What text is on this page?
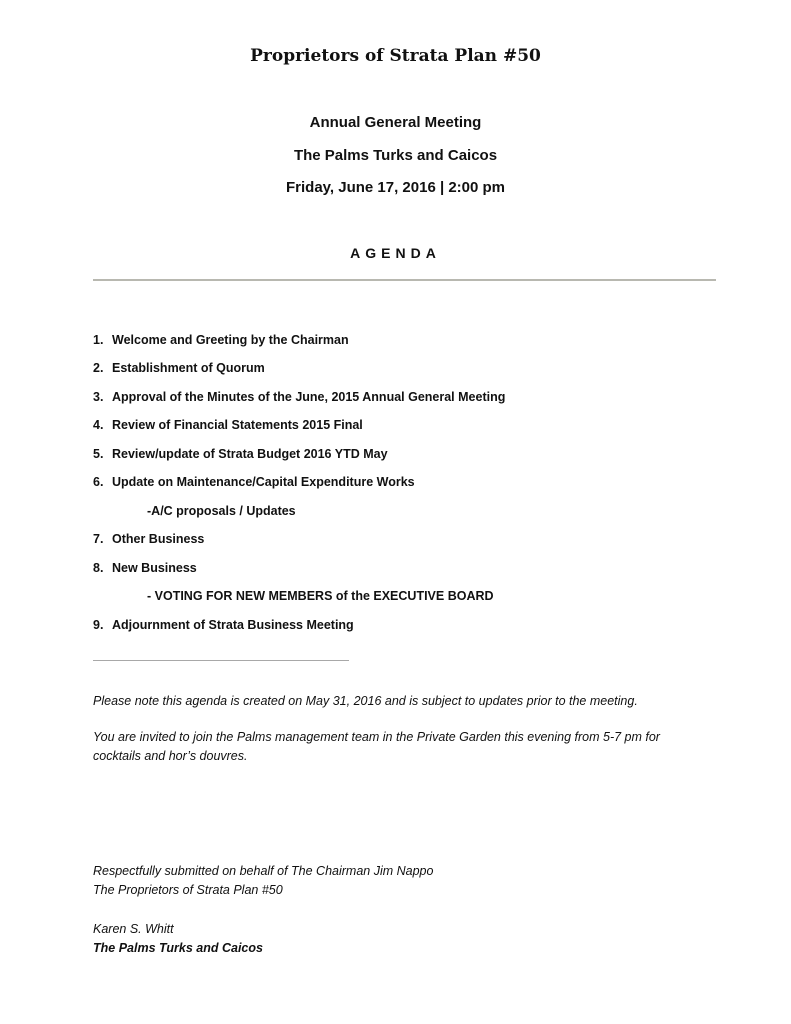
Proprietors of Strata Plan #50
Annual General Meeting
The Palms Turks and Caicos
Friday, June 17, 2016 | 2:00 pm
AGENDA
1. Welcome and Greeting by the Chairman
2. Establishment of Quorum
3. Approval of the Minutes of the June, 2015 Annual General Meeting
4. Review of Financial Statements 2015 Final
5. Review/update of Strata Budget 2016 YTD May
6. Update on Maintenance/Capital Expenditure Works
-A/C proposals / Updates
7. Other Business
8. New Business
- VOTING FOR NEW MEMBERS of the EXECUTIVE BOARD
9. Adjournment of Strata Business Meeting
Please note this agenda is created on May 31, 2016 and is subject to updates prior to the meeting.
You are invited to join the Palms management team in the Private Garden this evening from 5-7 pm for cocktails and hor’s douvres.
Respectfully submitted on behalf of The Chairman Jim Nappo
The Proprietors of Strata Plan #50
Karen S. Whitt
The Palms Turks and Caicos
